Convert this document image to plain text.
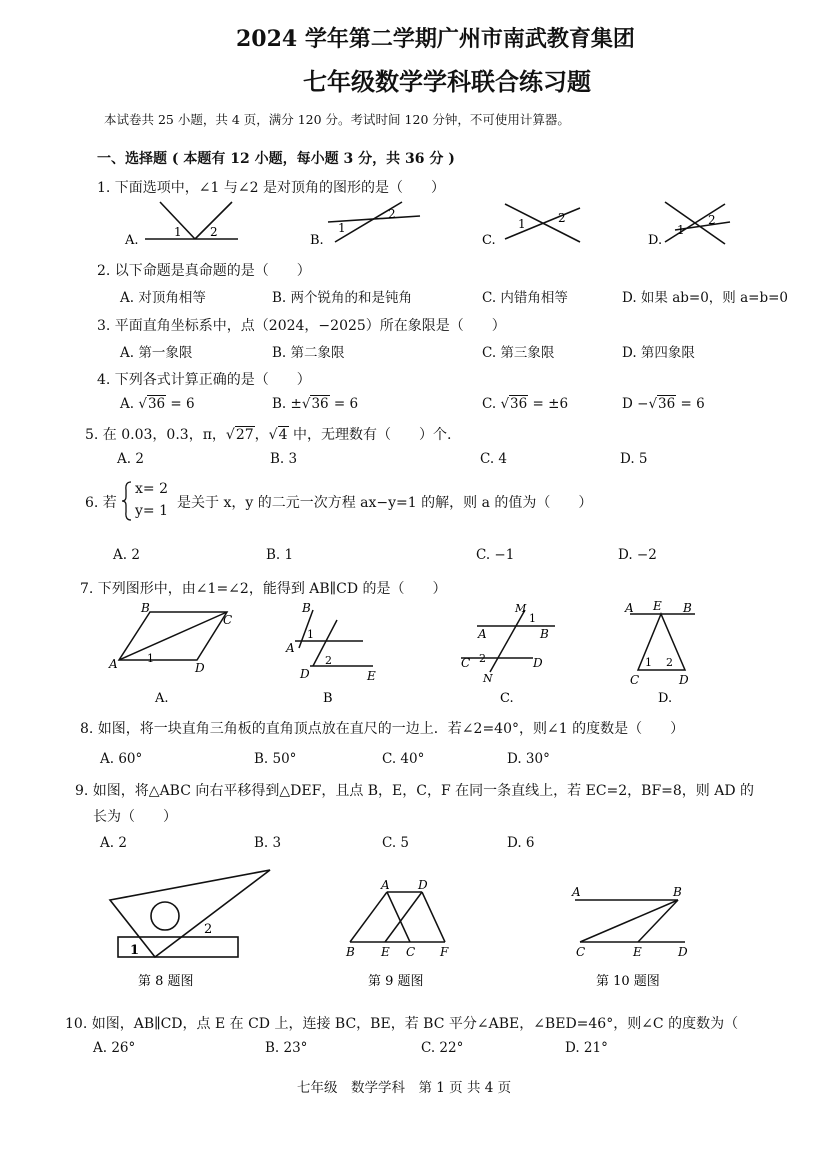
2024 学年第二学期广州市南武教育集团
七年级数学学科联合练习题
本试卷共 25 小题，共 4 页，满分 120 分。考试时间 120 分钟，不可使用计算器。
一、选择题 ( 本题有 12 小题，每小题 3 分，共 36 分 )
1. 下面选项中，∠1 与∠2 是对顶角的图形的是（　　）
A.
1 2
B.
1
2
C.
1	2
D.
1
2
2. 以下命题是真命题的是（　　）
A. 对顶角相等	B. 两个锐角的和是钝角	C. 内错角相等	D. 如果 ab=0，则 a=b=0
3. 平面直角坐标系中，点（2024，−2025）所在象限是（　　）
A. 第一象限	B. 第二象限	C. 第三象限	D. 第四象限
4. 下列各式计算正确的是（　　）
A. √36 = 6	B. ±√36 = 6	C. √36 = ±6	D −√36 = 6
5. 在 0.03，0.3，π，√27，√4 中，无理数有（　　）个.
A. 2	B. 3	C. 4	D. 5
6. 若
x= 2
y= 1 是关于 x，y 的二元一次方程 ax−y=1 的解，则 a 的值为（　　）
A. 2	B. 1	C. −1	D. −2
7. 下列图形中，由∠1=∠2，能得到 AB∥CD 的是（　　）
B
C
A	D
1
B
A
1
D
2
E
M
1
A	B
C 2	D
N
A E B
1 2
C	D
A.	B	C.	D.
8. 如图，将一块直角三角板的直角顶点放在直尺的一边上．若∠2=40°，则∠1 的度数是（　　）
A. 60°	B. 50°	C. 40°	D. 30°
9. 如图，将△ABC 向右平移得到△DEF，且点 B，E，C，F 在同一条直线上，若 EC=2，BF=8，则 AD 的
长为（　　）
A. 2	B. 3	C. 5	D. 6
1
2
A D
B E C F
A	B
C	E	D
第 8 题图	第 9 题图	第 10 题图
10. 如图，AB∥CD，点 E 在 CD 上，连接 BC，BE，若 BC 平分∠ABE，∠BED=46°，则∠C 的度数为（
A. 26°	B. 23°	C. 22°	D. 21°
七年级　数学学科　第 1 页 共 4 页
